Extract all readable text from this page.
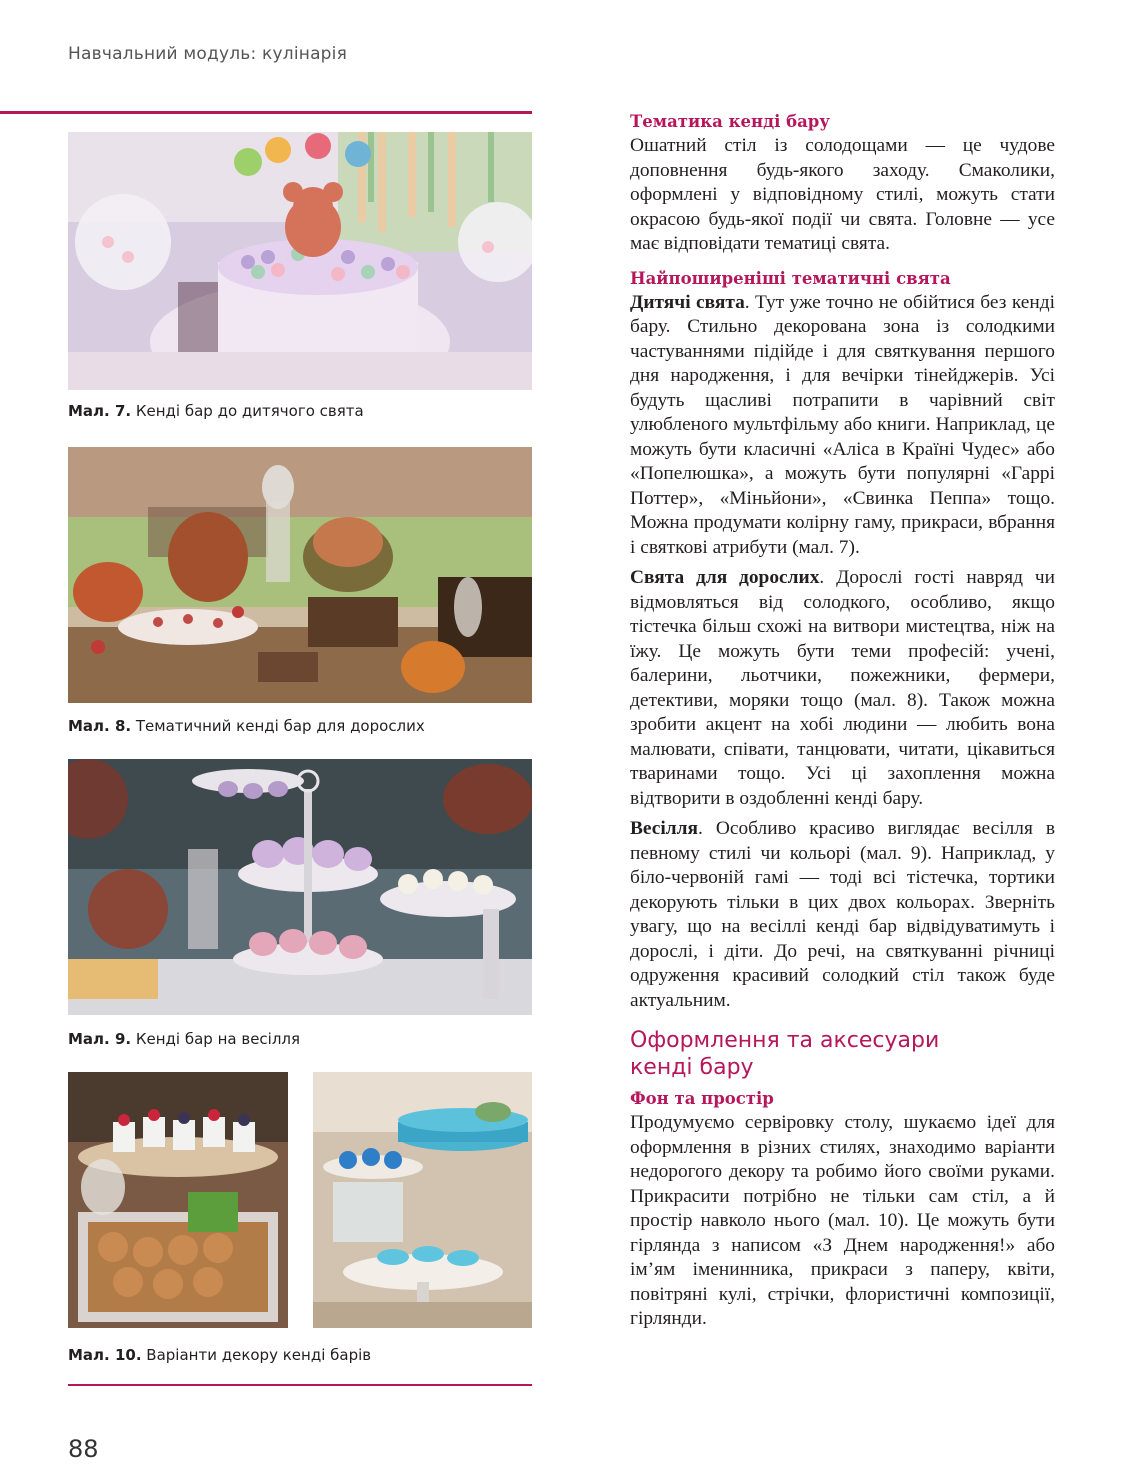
Навчальний модуль: кулінарія
Мал. 7. Кенді бар до дитячого свята
Мал. 8. Тематичний кенді бар для дорослих
Мал. 9. Кенді бар на весілля
Мал. 10. Варіанти декору кенді барів
88
Тематика кенді бару

Ошатний стіл із солодощами — це чудове доповнення будь-якого заходу. Смаколики, оформлені у відповідному стилі, можуть стати окрасою будь-якої події чи свята. Головне — усе має відповідати тематиці свята.

Найпоширеніші тематичні свята

Дитячі свята. Тут уже точно не обійтися без кенді бару. Стильно декорована зона із солодкими частуваннями підійде і для святкування першого дня народження, і для вечірки тінейджерів. Усі будуть щасливі потрапити в чарівний світ улюбленого мультфільму або книги. Наприклад, це можуть бути класичні «Аліса в Країні Чудес» або «Попелюшка», а можуть бути популярні «Гаррі Поттер», «Міньйони», «Свинка Пеппа» тощо. Можна продумати колірну гаму, прикраси, вбрання і святкові атрибути (мал. 7).

Свята для дорослих. Дорослі гості навряд чи відмовляться від солодкого, особливо, якщо тістечка більш схожі на витвори мистецтва, ніж на їжу. Це можуть бути теми професій: учені, балерини, льотчики, пожежники, фермери, детективи, моряки тощо (мал. 8). Також можна зробити акцент на хобі людини — любить вона малювати, співати, танцювати, читати, цікавиться тваринами тощо. Усі ці захоплення можна відтворити в оздобленні кенді бару.

Весілля. Особливо красиво виглядає весілля в певному стилі чи кольорі (мал. 9). Наприклад, у біло-червоній гамі — тоді всі тістечка, тортики декорують тільки в цих двох кольорах. Зверніть увагу, що на весіллі кенді бар відвідуватимуть і дорослі, і діти. До речі, на святкуванні річниці одруження красивий солодкий стіл також буде актуальним.

Оформлення та аксесуари
кенді бару
Фон та простір

Продумуємо сервіровку столу, шукаємо ідеї для оформлення в різних стилях, знаходимо варіанти недорогого декору та робимо його своїми руками. Прикрасити потрібно не тільки сам стіл, а й простір навколо нього (мал. 10). Це можуть бути гірлянда з написом «З Днем народження!» або ім’ям іменинника, прикраси з паперу, квіти, повітряні кулі, стрічки, флористичні композиції, гірлянди.
